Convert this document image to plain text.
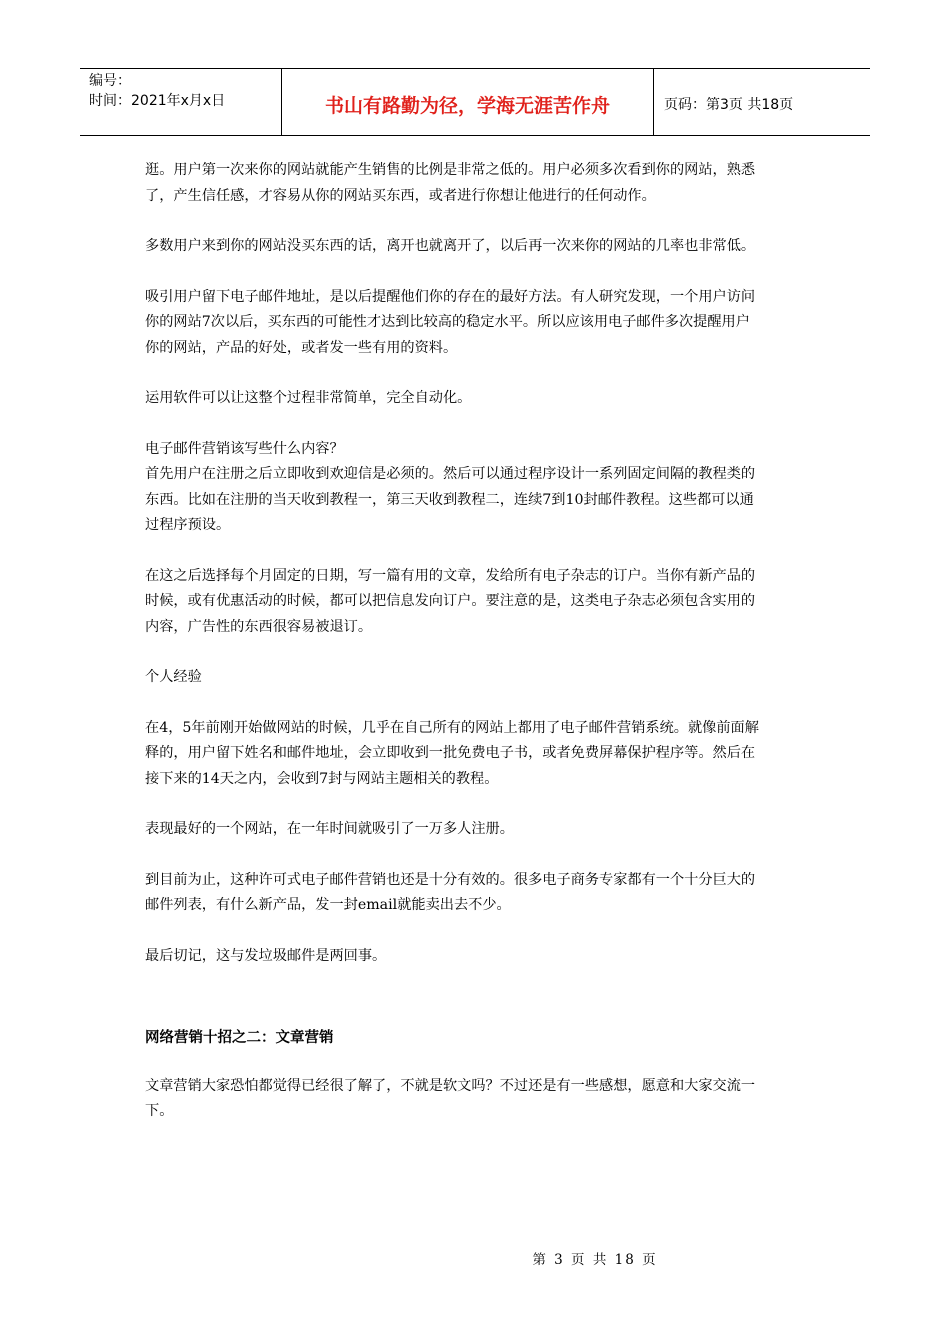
编号：
时间：2021年x月x日	书山有路勤为径，学海无涯苦作舟	页码：第3页 共18页

逛。用户第一次来你的网站就能产生销售的比例是非常之低的。用户必须多次看到你的网站，熟悉了，产生信任感，才容易从你的网站买东西，或者进行你想让他进行的任何动作。

多数用户来到你的网站没买东西的话，离开也就离开了，以后再一次来你的网站的几率也非常低。

吸引用户留下电子邮件地址，是以后提醒他们你的存在的最好方法。有人研究发现，一个用户访问你的网站7次以后，买东西的可能性才达到比较高的稳定水平。所以应该用电子邮件多次提醒用户你的网站，产品的好处，或者发一些有用的资料。

运用软件可以让这整个过程非常简单，完全自动化。

电子邮件营销该写些什么内容？

首先用户在注册之后立即收到欢迎信是必须的。然后可以通过程序设计一系列固定间隔的教程类的东西。比如在注册的当天收到教程一，第三天收到教程二，连续7到10封邮件教程。这些都可以通过程序预设。

在这之后选择每个月固定的日期，写一篇有用的文章，发给所有电子杂志的订户。当你有新产品的时候，或有优惠活动的时候，都可以把信息发向订户。要注意的是，这类电子杂志必须包含实用的内容，广告性的东西很容易被退订。

个人经验

在4，5年前刚开始做网站的时候，几乎在自己所有的网站上都用了电子邮件营销系统。就像前面解释的，用户留下姓名和邮件地址，会立即收到一批免费电子书，或者免费屏幕保护程序等。然后在接下来的14天之内，会收到7封与网站主题相关的教程。

表现最好的一个网站，在一年时间就吸引了一万多人注册。

到目前为止，这种许可式电子邮件营销也还是十分有效的。很多电子商务专家都有一个十分巨大的邮件列表，有什么新产品，发一封email就能卖出去不少。

最后切记，这与发垃圾邮件是两回事。

网络营销十招之二：文章营销

文章营销大家恐怕都觉得已经很了解了，不就是软文吗？不过还是有一些感想，愿意和大家交流一下。

第 3 页 共 18 页
